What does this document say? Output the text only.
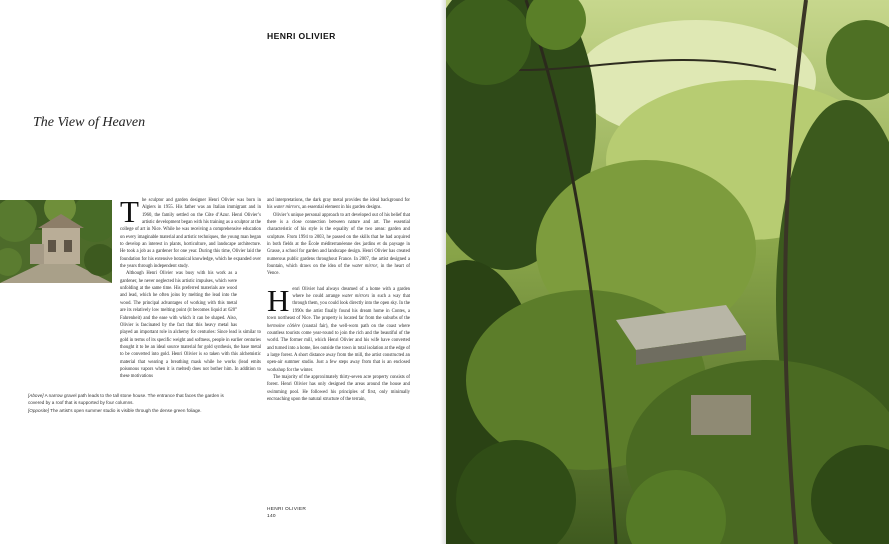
HENRI OLIVIER
The View of Heaven
[Above] A narrow gravel path leads to the tall stone house. The entrance that faces the garden is covered by a roof that is supported by four columns.
[Opposite] The artist’s open summer studio is visible through the dense green foliage.

The sculptor and garden designer Henri Olivier was born in Algiers in 1955. His father was an Italian immigrant and in 1960, the family settled on the Côte d’Azur. Henri Olivier’s artistic development began with his training as a sculptor at the college of art in Nice. While he was receiving a comprehensive education on every imaginable material and artistic techniques, the young man began to develop an interest in plants, horticulture, and landscape architecture. He took a job as a gardener for one year. During this time, Olivier laid the foundation for his extensive botanical knowledge, which he expanded over the years through independent study.

Although Henri Olivier was busy with his work as a gardener, he never neglected his artistic impulses, which were unfolding at the same time. His preferred materials are wood and lead, which he often joins by melting the lead into the wood. The principal advantages of working with this metal are its relatively low melting point (it becomes liquid at 620° Fahrenheit) and the ease with which it can be shaped. Also, Olivier is fascinated by the fact that this heavy metal has played an important role in alchemy for centuries: Since lead is similar to gold in terms of its specific weight and softness, people in earlier centuries thought it to be an ideal source material for gold synthesis, the base metal to be converted into gold. Henri Olivier is so taken with this alchemistic material that wearing a breathing mask while he works (lead emits poisonous vapors when it is melted) does not bother him. In addition to these motivations

and interpretations, the dark gray metal provides the ideal background for his water mirrors, an essential element in his garden designs.

Olivier’s unique personal approach to art developed out of his belief that there is a close connection between nature and art. The essential characteristic of his style is the equality of the two areas: garden and sculpture. From 1994 to 2003, he passed on the skills that he had acquired in both fields at the École méditerranéenne des jardins et du paysage in Grasse, a school for garden and landscape design. Henri Olivier has created numerous public gardens throughout France. In 2007, the artist designed a fountain, which draws on the idea of the water mirror, in the heart of Vence.

Henri Olivier had always dreamed of a home with a garden where he could arrange water mirrors in such a way that through them, you could look directly into the open sky. In the 1990s the artist finally found his dream home in Contes, a town northeast of Nice. The property is located far from the suburbs of the hermoine côtière (coastal fair), the well-worn path on the coast where countless tourists come year-round to join the rich and the beautiful of the world. The former mill, which Henri Olivier and his wife have converted and turned into a home, lies outside the town in total isolation at the edge of a large forest. A short distance away from the mill, the artist constructed an open-air summer studio. Just a few steps away from that is an enclosed workshop for the winter.

The majority of the approximately thirty-seven acre property consists of forest. Henri Olivier has only designed the areas around the house and swimming pool. He followed his principles of first, only minimally encroaching upon the natural structure of the terrain,

HENRI OLIVIER
140
